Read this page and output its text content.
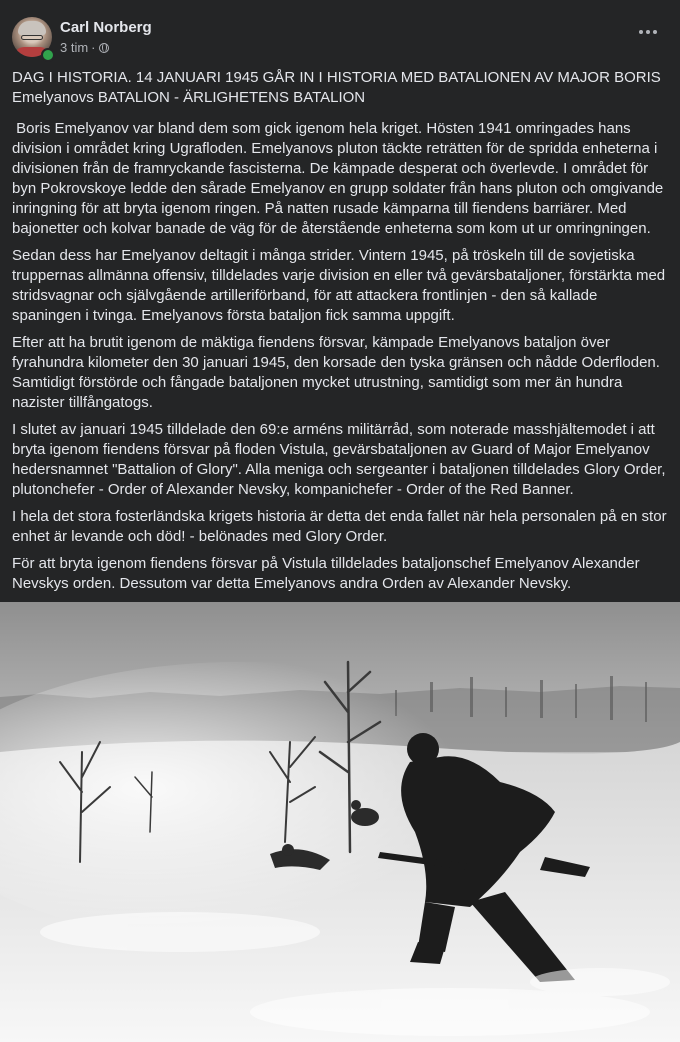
Carl Norberg
3 tim ·

DAG I HISTORIA. 14 JANUARI 1945 GÅR IN I HISTORIA MED BATALIONEN AV MAJOR BORIS Emelyanovs BATALION - ÄRLIGHETENS BATALION

Boris Emelyanov var bland dem som gick igenom hela kriget. Hösten 1941 omringades hans division i området kring Ugrafloden. Emelyanovs pluton täckte reträtten för de spridda enheterna i divisionen från de framryckande fascisterna. De kämpade desperat och överlevde. I området för byn Pokrovskoye ledde den sårade Emelyanov en grupp soldater från hans pluton och omgivande inringning för att bryta igenom ringen. På natten rusade kämparna till fiendens barriärer. Med bajonetter och kolvar banade de väg för de återstående enheterna som kom ut ur omringningen.

Sedan dess har Emelyanov deltagit i många strider. Vintern 1945, på tröskeln till de sovjetiska truppernas allmänna offensiv, tilldelades varje division en eller två gevärsbataljoner, förstärkta med stridsvagnar och självgående artilleriförband, för att attackera frontlinjen - den så kallade spaningen i tvinga. Emelyanovs första bataljon fick samma uppgift.

Efter att ha brutit igenom de mäktiga fiendens försvar, kämpade Emelyanovs bataljon över fyrahundra kilometer den 30 januari 1945, den korsade den tyska gränsen och nådde Oderfloden. Samtidigt förstörde och fångade bataljonen mycket utrustning, samtidigt som mer än hundra nazister tillfångatogs.

I slutet av januari 1945 tilldelade den 69:e arméns militärråd, som noterade masshjältemodet i att bryta igenom fiendens försvar på floden Vistula, gevärsbataljonen av Guard of Major Emelyanov hedersnamnet "Battalion of Glory". Alla meniga och sergeanter i bataljonen tilldelades Glory Order, plutonchefer - Order of Alexander Nevsky, kompanichefer - Order of the Red Banner.

I hela det stora fosterländska krigets historia är detta det enda fallet när hela personalen på en stor enhet är levande och död! - belönades med Glory Order.

För att bryta igenom fiendens försvar på Vistula tilldelades bataljonschef Emelyanov Alexander Nevskys orden. Dessutom var detta Emelyanovs andra Orden av Alexander Nevsky.
